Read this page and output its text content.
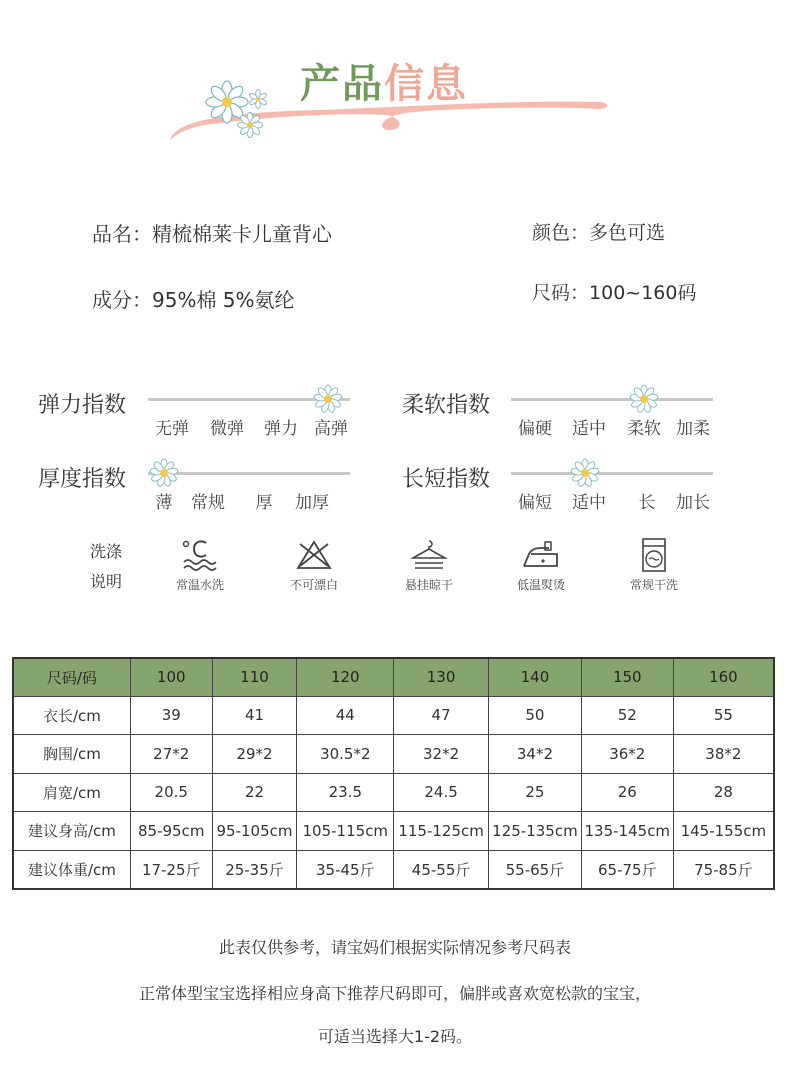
产品信息
品名：精梳棉莱卡儿童背心	颜色：多色可选
成分：95%棉 5%氨纶	尺码：100~160码
弹力指数
无弹 微弹 弹力 高弹
柔软指数
偏硬 适中 柔软 加柔
厚度指数
薄 常规 厚 加厚
长短指数
偏短 适中 长 加长
洗涤
说明	常温水洗	不可漂白	悬挂晾干	低温熨烫	常规干洗
尺码/码	100	110	120	130	140	150	160
衣长/cm	39	41	44	47	50	52	55
胸围/cm	27*2	29*2	30.5*2	32*2	34*2	36*2	38*2
肩宽/cm	20.5	22	23.5	24.5	25	26	28
建议身高/cm	85-95cm	95-105cm	105-115cm	115-125cm	125-135cm	135-145cm	145-155cm
建议体重/cm	17-25斤	25-35斤	35-45斤	45-55斤	55-65斤	65-75斤	75-85斤
此表仅供参考，请宝妈们根据实际情况参考尺码表
正常体型宝宝选择相应身高下推荐尺码即可，偏胖或喜欢宽松款的宝宝，
可适当选择大1-2码。
